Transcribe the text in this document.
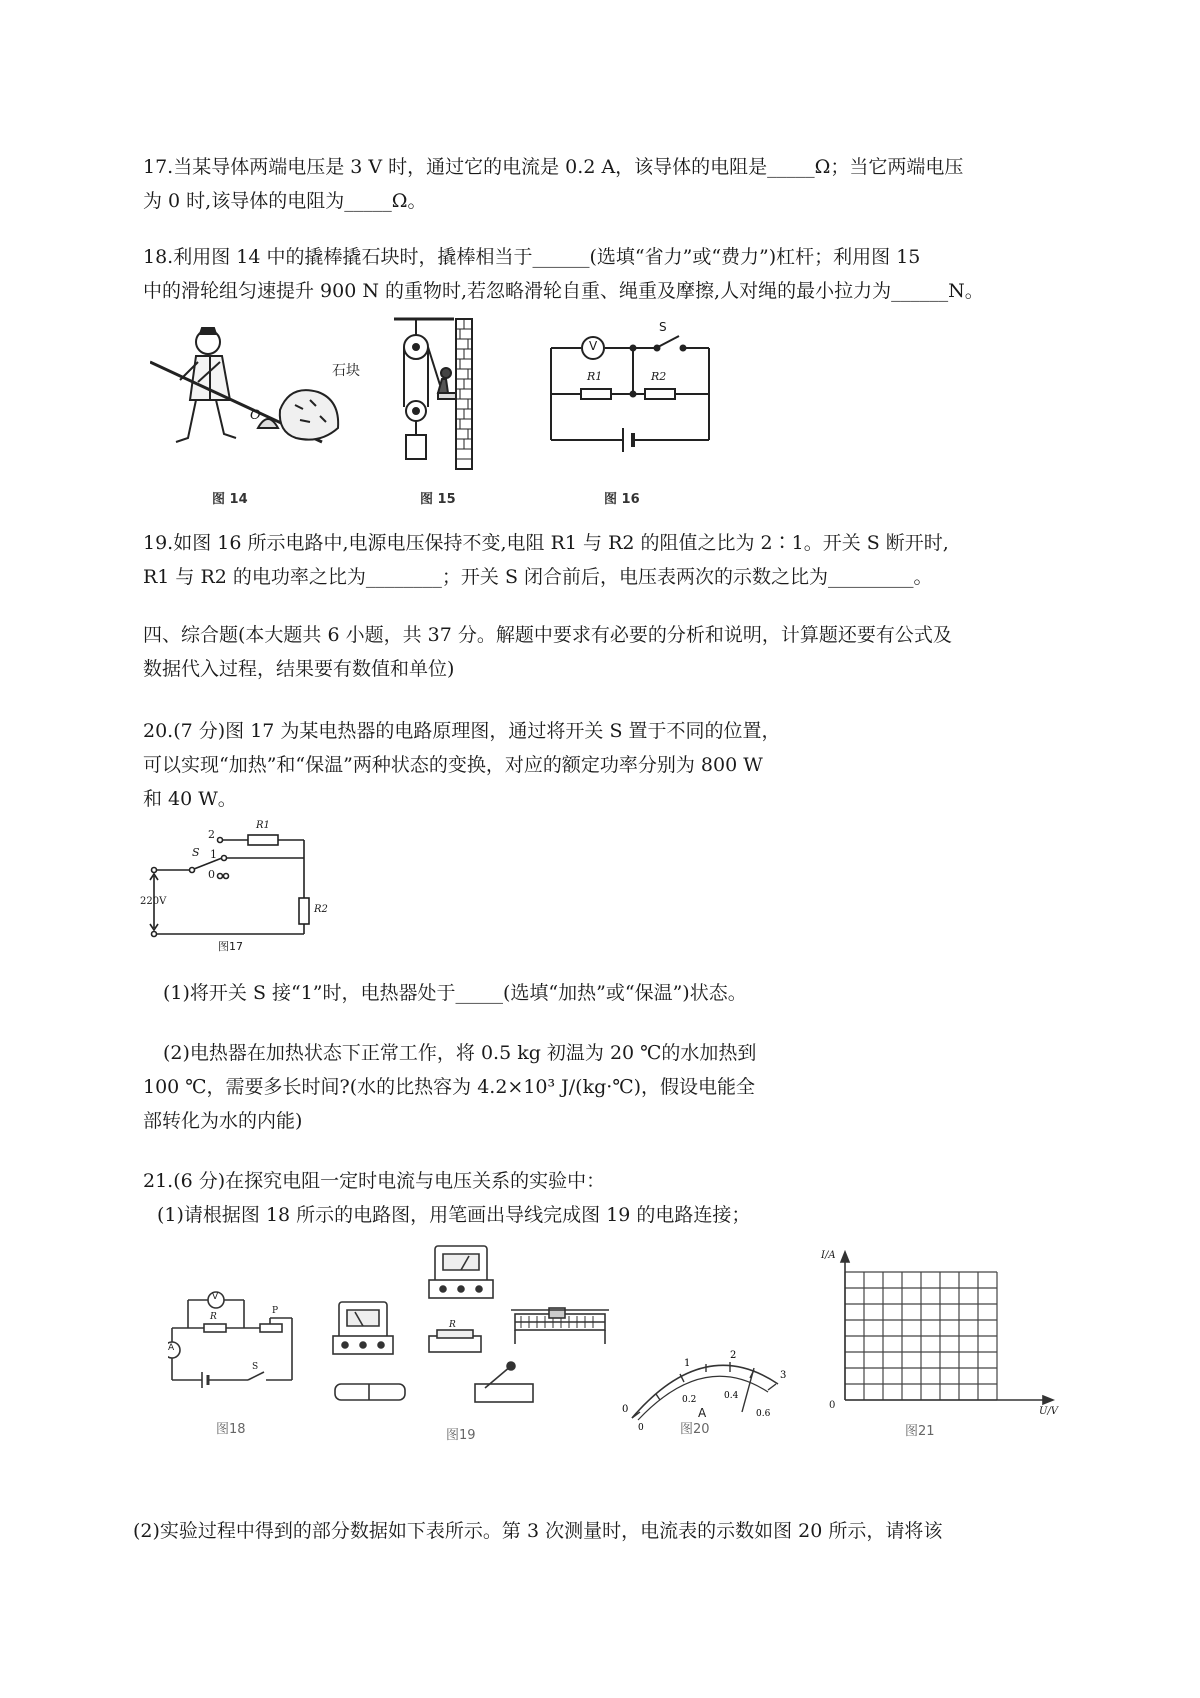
17.当某导体两端电压是 3 V 时，通过它的电流是 0.2 A，该导体的电阻是_____Ω；当它两端电压

为 0 时,该导体的电阻为_____Ω。

18.利用图 14 中的撬棒撬石块时，撬棒相当于______(选填“省力”或“费力”)杠杆；利用图 15

中的滑轮组匀速提升 900 N 的重物时,若忽略滑轮自重、绳重及摩擦,人对绳的最小拉力为______N。

石块
O
图 14	图 15
V
S
R1	R2
图 16

19.如图 16 所示电路中,电源电压保持不变,电阻 R1 与 R2 的阻值之比为 2∶1。开关 S 断开时,

R1 与 R2 的电功率之比为________；开关 S 闭合前后，电压表两次的示数之比为_________。

四、综合题(本大题共 6 小题，共 37 分。解题中要求有必要的分析和说明，计算题还要有公式及

数据代入过程，结果要有数值和单位)

20.(7 分)图 17 为某电热器的电路原理图，通过将开关 S 置于不同的位置，

可以实现“加热”和“保温”两种状态的变换，对应的额定功率分别为 800 W

和 40 W。

2
1
0
S
R1
R2
220V
图17

(1)将开关 S 接“1”时，电热器处于_____(选填“加热”或“保温”)状态。

(2)电热器在加热状态下正常工作，将 0.5 kg 初温为 20 ℃的水加热到

100 ℃，需要多长时间?(水的比热容为 4.2×10³ J/(kg·℃)，假设电能全

部转化为水的内能)

21.(6 分)在探究电阻一定时电流与电压关系的实验中：

(1)请根据图 18 所示的电路图，用笔画出导线完成图 19 的电路连接；

V
A
R
P
S
图18
R
图19
0
1
2
3
0
0.2	0.4
0.6
A
图20
I/A
U/V
0
图21

(2)实验过程中得到的部分数据如下表所示。第 3 次测量时，电流表的示数如图 20 所示，请将该
